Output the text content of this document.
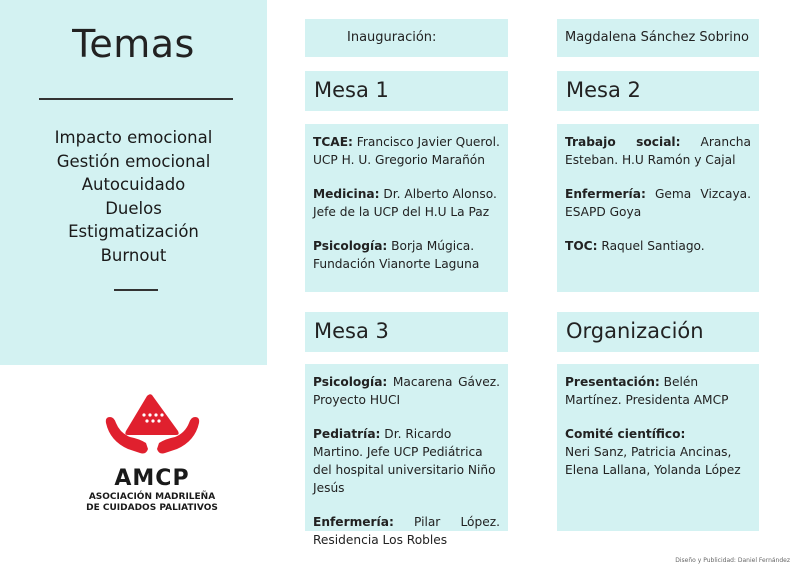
Temas
Impacto emocional
Gestión emocional
Autocuidado
Duelos
Estigmatización
Burnout
Inauguración:	Magdalena Sánchez Sobrino
Mesa 1
TCAE: Francisco Javier Querol. UCP H. U. Gregorio Marañón
Medicina: Dr. Alberto Alonso. Jefe de la UCP del H.U La Paz
Psicología: Borja Múgica. Fundación Vianorte Laguna
Mesa 2
Trabajo social: Arancha Esteban. H.U Ramón y Cajal
Enfermería: Gema Vizcaya. ESAPD Goya
TOC: Raquel Santiago.
Mesa 3
Psicología: Macarena Gávez. Proyecto HUCI
Pediatría: Dr. Ricardo Martino. Jefe UCP Pediátrica del hospital universitario Niño Jesús
Enfermería: Pilar López. Residencia Los Robles
Organización
Presentación: Belén Martínez. Presidenta AMCP
Comité científico:
Neri Sanz, Patricia Ancinas, Elena Lallana, Yolanda López
AMCP
ASOCIACIÓN MADRILEÑA
DE CUIDADOS PALIATIVOS
Diseño y Publicidad: Daniel Fernández
